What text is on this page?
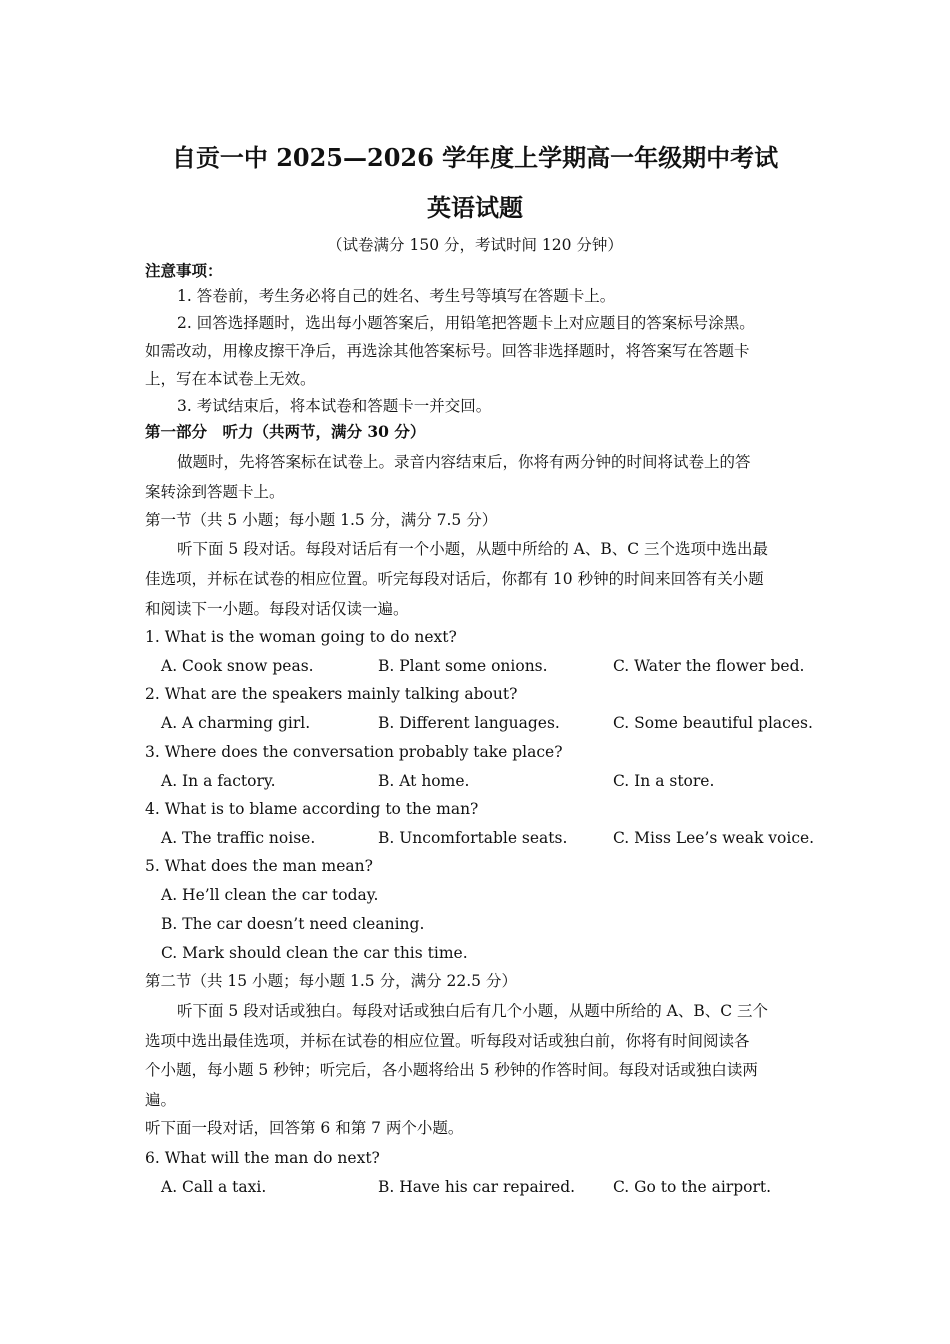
自贡一中 2025—2026 学年度上学期高一年级期中考试
英语试题
（试卷满分 150 分，考试时间 120 分钟）
注意事项：
1. 答卷前，考生务必将自己的姓名、考生号等填写在答题卡上。
2. 回答选择题时，选出每小题答案后，用铅笔把答题卡上对应题目的答案标号涂黑。
如需改动，用橡皮擦干净后，再选涂其他答案标号。回答非选择题时，将答案写在答题卡
上，写在本试卷上无效。
3. 考试结束后，将本试卷和答题卡一并交回。
第一部分　听力（共两节，满分 30 分）
做题时，先将答案标在试卷上。录音内容结束后，你将有两分钟的时间将试卷上的答
案转涂到答题卡上。
第一节（共 5 小题；每小题 1.5 分，满分 7.5 分）
听下面 5 段对话。每段对话后有一个小题，从题中所给的 A、B、C 三个选项中选出最
佳选项，并标在试卷的相应位置。听完每段对话后，你都有 10 秒钟的时间来回答有关小题
和阅读下一小题。每段对话仅读一遍。
1. What is the woman going to do next?
A. Cook snow peas.	B. Plant some onions.	C. Water the flower bed.
2. What are the speakers mainly talking about?
A. A charming girl.	B. Different languages.	C. Some beautiful places.
3. Where does the conversation probably take place?
A. In a factory.	B. At home.	C. In a store.
4. What is to blame according to the man?
A. The traffic noise.	B. Uncomfortable seats.	C. Miss Lee’s weak voice.
5. What does the man mean?
A. He’ll clean the car today.
B. The car doesn’t need cleaning.
C. Mark should clean the car this time.
第二节（共 15 小题；每小题 1.5 分，满分 22.5 分）
听下面 5 段对话或独白。每段对话或独白后有几个小题，从题中所给的 A、B、C 三个
选项中选出最佳选项，并标在试卷的相应位置。听每段对话或独白前，你将有时间阅读各
个小题，每小题 5 秒钟；听完后，各小题将给出 5 秒钟的作答时间。每段对话或独白读两
遍。
听下面一段对话，回答第 6 和第 7 两个小题。
6. What will the man do next?
A. Call a taxi.	B. Have his car repaired. C. Go to the airport.
